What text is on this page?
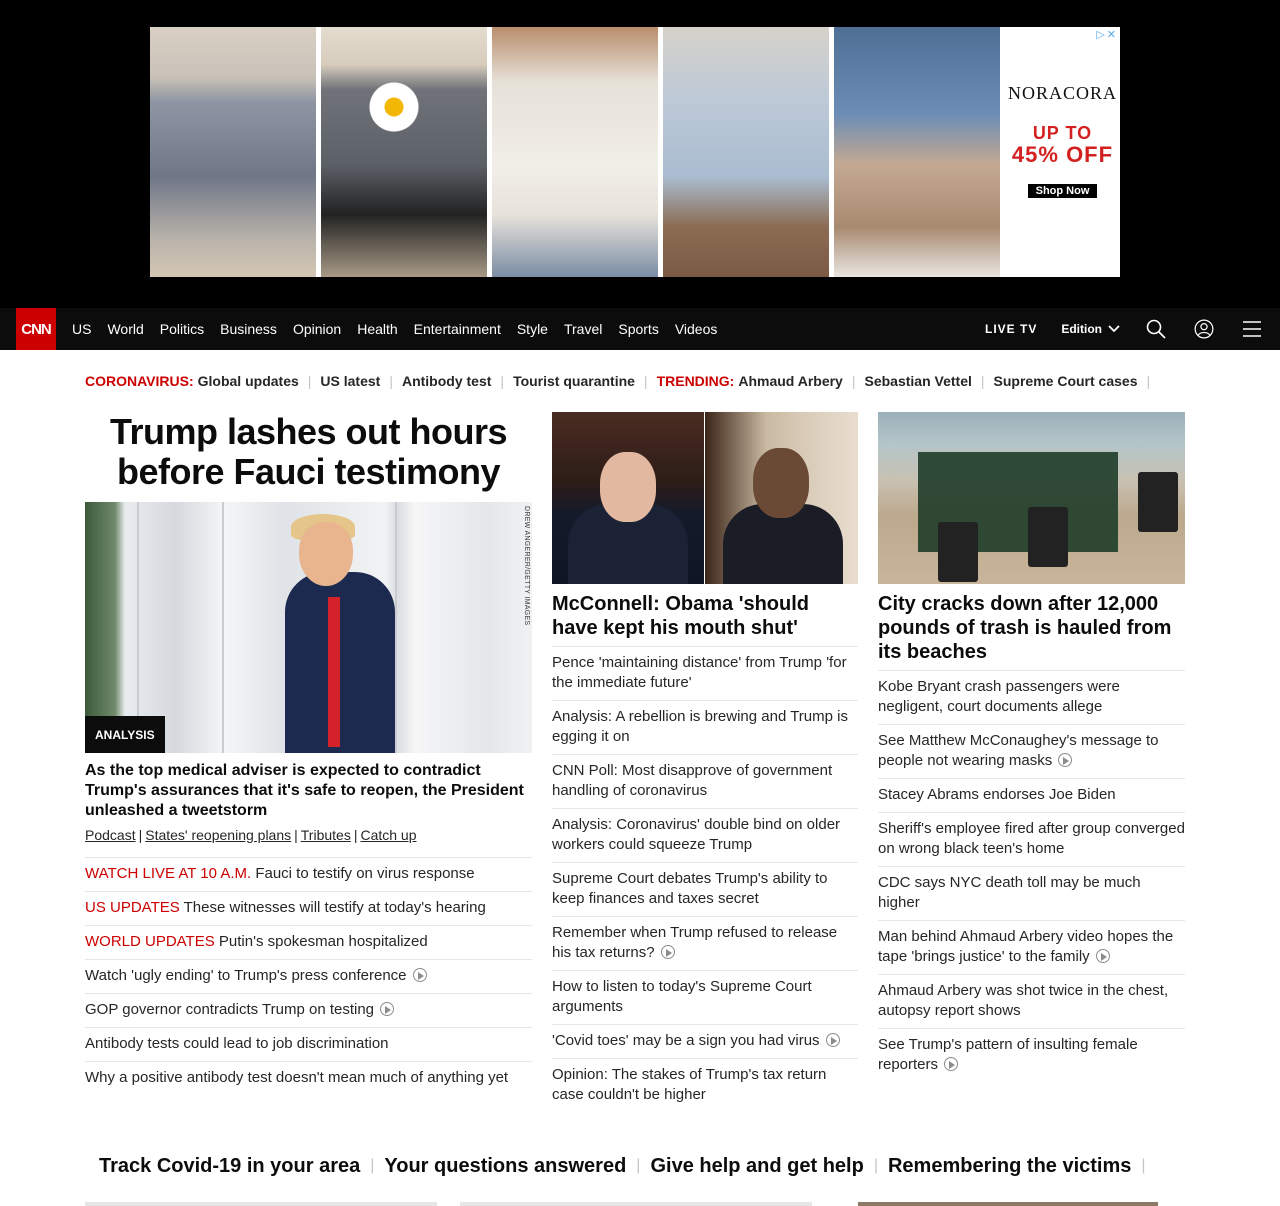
▷✕
NORACORA
UP TO
45% OFF
Shop Now
CNN	US World Politics Business Opinion Health Entertainment Style Travel Sports Videos	LIVE TV Edition
CORONAVIRUS: Global updates | US latest | Antibody test | Tourist quarantine | TRENDING: Ahmaud Arbery | Sebastian Vettel | Supreme Court cases |
Trump lashes out hours before Fauci testimony
DREW ANGERER/GETTY IMAGES
ANALYSIS
As the top medical adviser is expected to contradict Trump's assurances that it's safe to reopen, the President unleashed a tweetstorm
Podcast | States' reopening plans | Tributes | Catch up
WATCH LIVE AT 10 A.M. Fauci to testify on virus response
US UPDATES These witnesses will testify at today's hearing
WORLD UPDATES Putin's spokesman hospitalized
Watch 'ugly ending' to Trump's press conference
GOP governor contradicts Trump on testing
Antibody tests could lead to job discrimination
Why a positive antibody test doesn't mean much of anything yet
McConnell: Obama 'should have kept his mouth shut'
Pence 'maintaining distance' from Trump 'for the immediate future'
Analysis: A rebellion is brewing and Trump is egging it on
CNN Poll: Most disapprove of government handling of coronavirus
Analysis: Coronavirus' double bind on older workers could squeeze Trump
Supreme Court debates Trump's ability to keep finances and taxes secret
Remember when Trump refused to release his tax returns?
How to listen to today's Supreme Court arguments
'Covid toes' may be a sign you had virus
Opinion: The stakes of Trump's tax return case couldn't be higher
City cracks down after 12,000 pounds of trash is hauled from its beaches
Kobe Bryant crash passengers were negligent, court documents allege
See Matthew McConaughey's message to people not wearing masks
Stacey Abrams endorses Joe Biden
Sheriff's employee fired after group converged on wrong black teen's home
CDC says NYC death toll may be much higher
Man behind Ahmaud Arbery video hopes the tape 'brings justice' to the family
Ahmaud Arbery was shot twice in the chest, autopsy report shows
See Trump's pattern of insulting female reporters
Track Covid-19 in your area | Your questions answered | Give help and get help | Remembering the victims |
